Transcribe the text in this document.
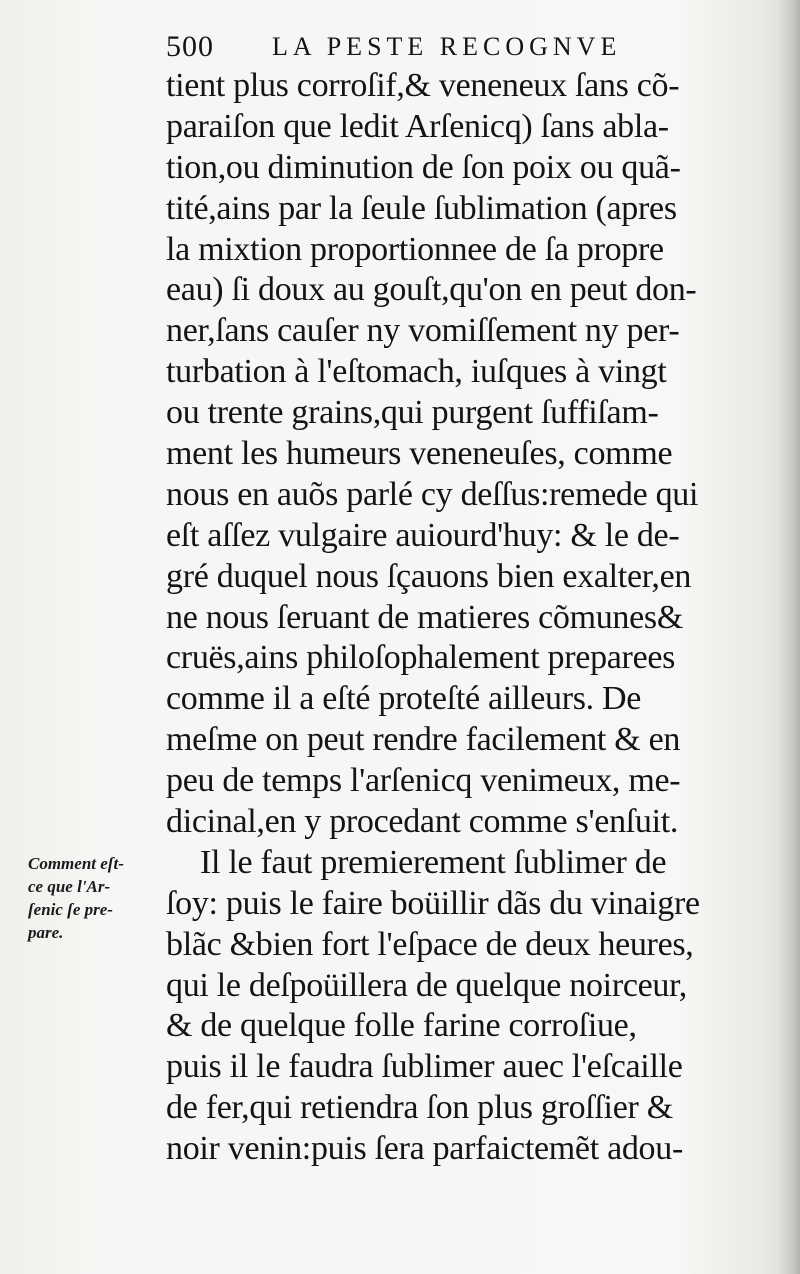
500 LA PESTE RECOGNVE
tient plus corroſif,& veneneux ſans cõ-
paraiſon que ledit Arſenicq) ſans abla-
tion,ou diminution de ſon poix ou quã-
tité,ains par la ſeule ſublimation (apres
la mixtion proportionnee de ſa propre
eau) ſi doux au gouſt,qu'on en peut don-
ner,ſans cauſer ny vomiſſement ny per-
turbation à l'eſtomach, iuſques à vingt
ou trente grains,qui purgent ſuffiſam-
ment les humeurs veneneuſes, comme
nous en auõs parlé cy deſſus:remede qui
eſt aſſez vulgaire auiourd'huy: & le de-
gré duquel nous ſçauons bien exalter,en
ne nous ſeruant de matieres cõmunes&
cruës,ains philoſophalement preparees
comme il a eſté proteſté ailleurs. De
meſme on peut rendre facilement & en
peu de temps l'arſenicq venimeux, me-
dicinal,en y procedant comme s'enſuit.
Il le faut premierement ſublimer de
ſoy: puis le faire boüillir dãs du vinaigre
blãc &bien fort l'eſpace de deux heures,
qui le deſpoüillera de quelque noirceur,
& de quelque folle farine corroſiue,
puis il le faudra ſublimer auec l'eſcaille
de fer,qui retiendra ſon plus groſſier &
noir venin:puis ſera parfaictemẽt adou-
Comment eſt-
ce que l'Ar-
ſenic ſe pre-
pare.
